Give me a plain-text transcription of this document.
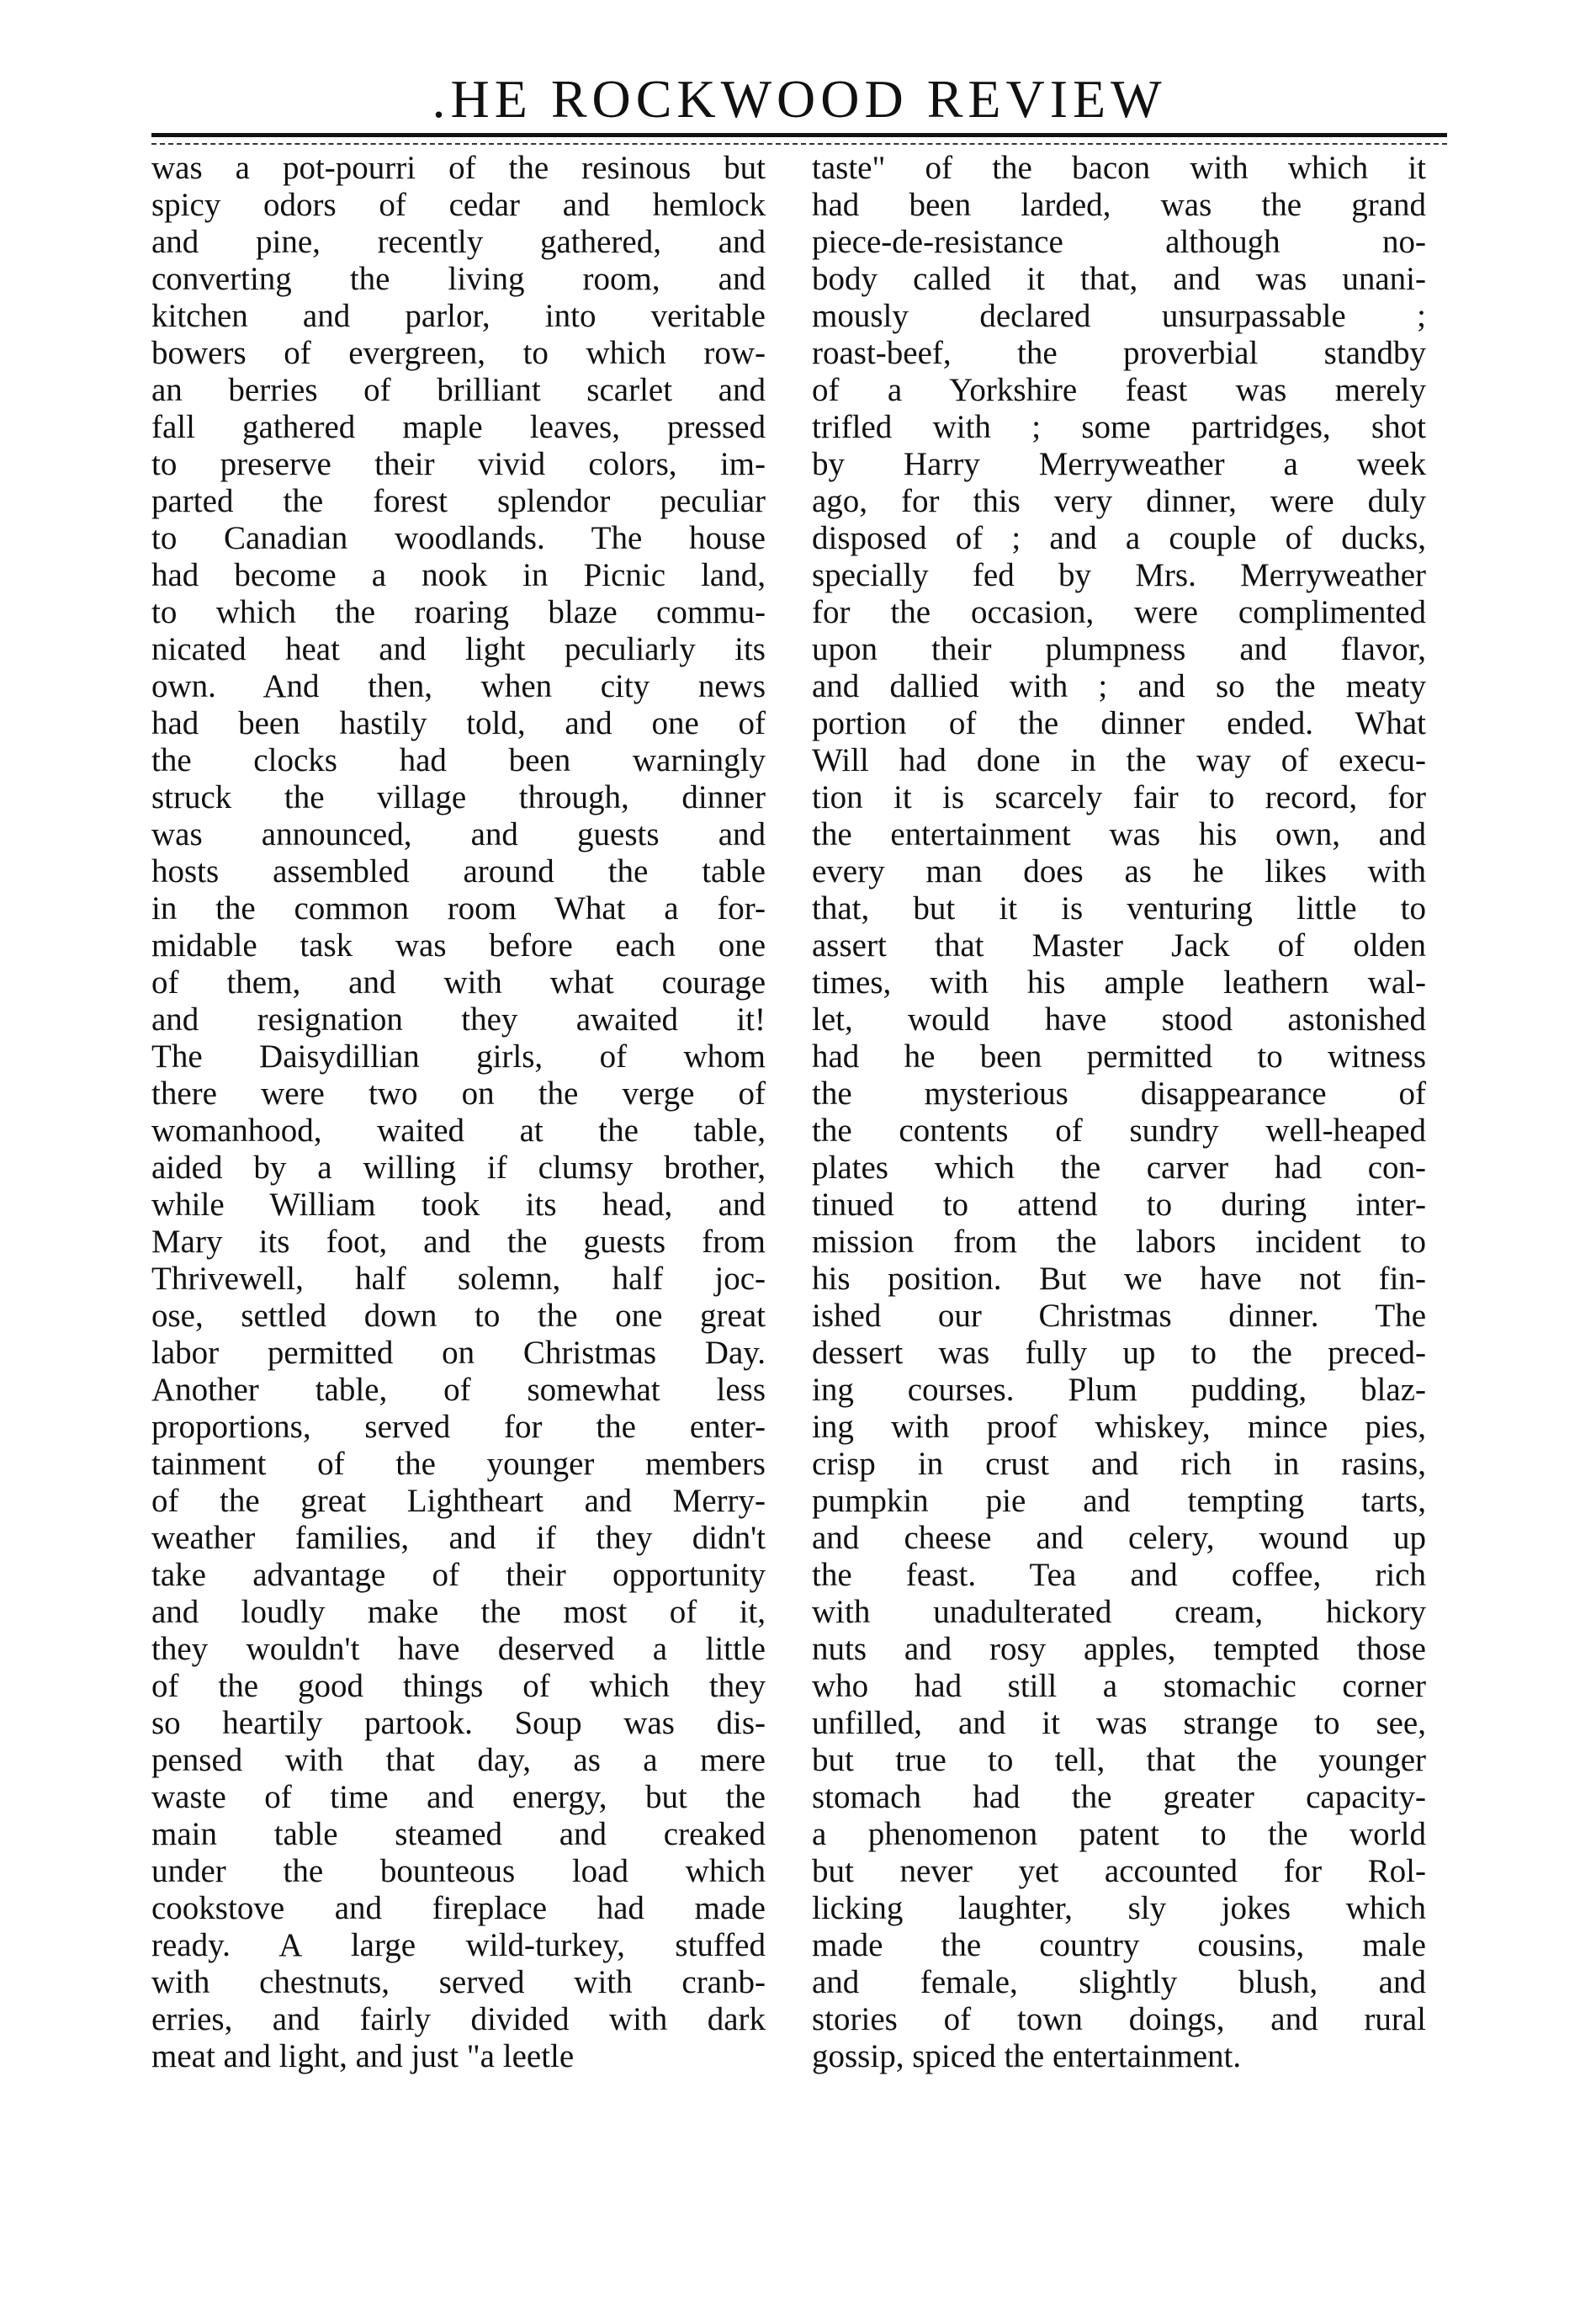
.HE ROCKWOOD REVIEW
was a pot-pourri of the resinous but
spicy odors of cedar and hemlock
and pine, recently gathered, and
converting the living room, and
kitchen and parlor, into veritable
bowers of evergreen, to which row-
an berries of brilliant scarlet and
fall gathered maple leaves, pressed
to preserve their vivid colors, im-
parted the forest splendor peculiar
to Canadian woodlands. The house
had become a nook in Picnic land,
to which the roaring blaze commu-
nicated heat and light peculiarly its
own. And then, when city news
had been hastily told, and one of
the clocks had been warningly
struck the village through, dinner
was announced, and guests and
hosts assembled around the table
in the common room What a for-
midable task was before each one
of them, and with what courage
and resignation they awaited it!
The Daisydillian girls, of whom
there were two on the verge of
womanhood, waited at the table,
aided by a willing if clumsy brother,
while William took its head, and
Mary its foot, and the guests from
Thrivewell, half solemn, half joc-
ose, settled down to the one great
labor permitted on Christmas Day.
Another table, of somewhat less
proportions, served for the enter-
tainment of the younger members
of the great Lightheart and Merry-
weather families, and if they didn't
take advantage of their opportunity
and loudly make the most of it,
they wouldn't have deserved a little
of the good things of which they
so heartily partook. Soup was dis-
pensed with that day, as a mere
waste of time and energy, but the
main table steamed and creaked
under the bounteous load which
cookstove and fireplace had made
ready. A large wild-turkey, stuffed
with chestnuts, served with cranb-
erries, and fairly divided with dark
meat and light, and just "a leetle
taste" of the bacon with which it
had been larded, was the grand
piece-de-resistance although no-
body called it that, and was unani-
mously declared unsurpassable ;
roast-beef, the proverbial standby
of a Yorkshire feast was merely
trifled with ; some partridges, shot
by Harry Merryweather a week
ago, for this very dinner, were duly
disposed of ; and a couple of ducks,
specially fed by Mrs. Merryweather
for the occasion, were complimented
upon their plumpness and flavor,
and dallied with ; and so the meaty
portion of the dinner ended. What
Will had done in the way of execu-
tion it is scarcely fair to record, for
the entertainment was his own, and
every man does as he likes with
that, but it is venturing little to
assert that Master Jack of olden
times, with his ample leathern wal-
let, would have stood astonished
had he been permitted to witness
the mysterious disappearance of
the contents of sundry well-heaped
plates which the carver had con-
tinued to attend to during inter-
mission from the labors incident to
his position. But we have not fin-
ished our Christmas dinner. The
dessert was fully up to the preced-
ing courses. Plum pudding, blaz-
ing with proof whiskey, mince pies,
crisp in crust and rich in rasins,
pumpkin pie and tempting tarts,
and cheese and celery, wound up
the feast. Tea and coffee, rich
with unadulterated cream, hickory
nuts and rosy apples, tempted those
who had still a stomachic corner
unfilled, and it was strange to see,
but true to tell, that the younger
stomach had the greater capacity-
a phenomenon patent to the world
but never yet accounted for Rol-
licking laughter, sly jokes which
made the country cousins, male
and female, slightly blush, and
stories of town doings, and rural
gossip, spiced the entertainment.
